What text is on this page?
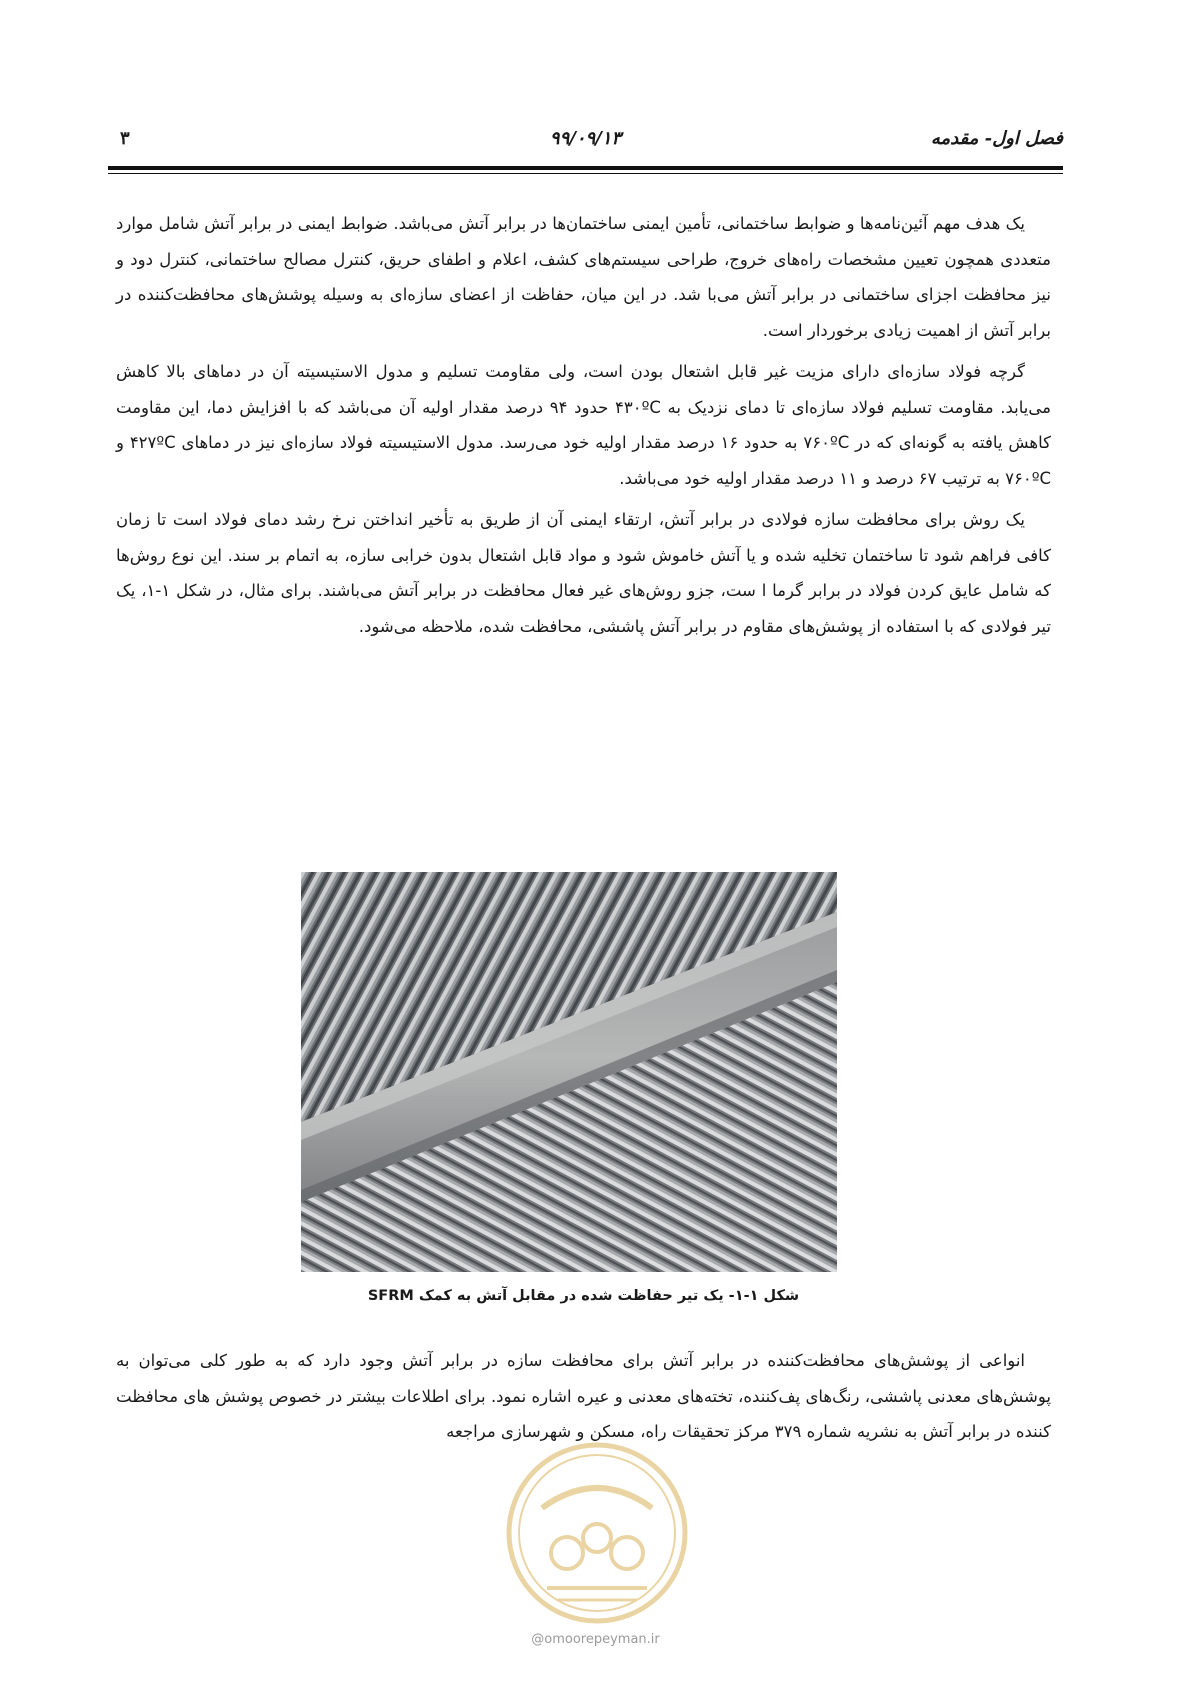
فصل اول- مقدمه
۹۹/۰۹/۱۳
۳

یک هدف مهم آئین‌نامه‌ها و ضوابط ساختمانی، تأمین ایمنی ساختمان‌ها در برابر آتش می‌باشد. ضوابط ایمنی در برابر آتش شامل موارد متعددی همچون تعیین مشخصات راه‌های خروج، طراحی سیستم‌های کشف، اعلام و اطفای حریق، کنترل مصالح ساختمانی، کنترل دود و نیز محافظت اجزای ساختمانی در برابر آتش می‌با شد. در این میان، حفاظت از اعضای سازه‌ای به وسیله پوشش‌های محافظت‌کننده در برابر آتش از اهمیت زیادی برخوردار است.

گرچه فولاد سازه‌ای دارای مزیت غیر قابل اشتعال بودن است، ولی مقاومت تسلیم و مدول الاستیسیته آن در دماهای بالا کاهش می‌یابد. مقاومت تسلیم فولاد سازه‌ای تا دمای نزدیک به ۴۳۰ºC حدود ۹۴ درصد مقدار اولیه آن می‌باشد که با افزایش دما، این مقاومت کاهش یافته به گونه‌ای که در ۷۶۰ºC به حدود ۱۶ درصد مقدار اولیه خود می‌رسد. مدول الاستیسیته فولاد سازه‌ای نیز در دماهای ۴۲۷ºC و ۷۶۰ºC به ترتیب ۶۷ درصد و ۱۱ درصد مقدار اولیه خود می‌باشد.

یک روش برای محافظت سازه فولادی در برابر آتش، ارتقاء ایمنی آن از طریق به تأخیر انداختن نرخ رشد دمای فولاد است تا زمان کافی فراهم شود تا ساختمان تخلیه شده و یا آتش خاموش شود و مواد قابل اشتعال بدون خرابی سازه، به اتمام بر سند. این نوع روش‌ها که شامل عایق کردن فولاد در برابر گرما ا ست، جزو روش‌های غیر فعال محافظت در برابر آتش می‌باشند. برای مثال، در شکل ۱-۱، یک تیر فولادی که با استفاده از پوشش‌های مقاوم در برابر آتش پاششی، محافظت شده، ملاحظه می‌شود.

شکل ۱-۱- یک تیر حفاظت شده در مقابل آتش به کمک SFRM

انواعی از پوشش‌های محافظت‌کننده در برابر آتش برای محافظت سازه در برابر آتش وجود دارد که به طور کلی می‌توان به پوشش‌های معدنی پاششی، رنگ‌های پف‌کننده، تخته‌های معدنی و عیره اشاره نمود. برای اطلاعات بیشتر در خصوص پوشش های محافظت کننده در برابر آتش به نشریه شماره ۳۷۹ مرکز تحقیقات راه، مسکن و شهرسازی مراجعه

@omoorepeyman.ir
